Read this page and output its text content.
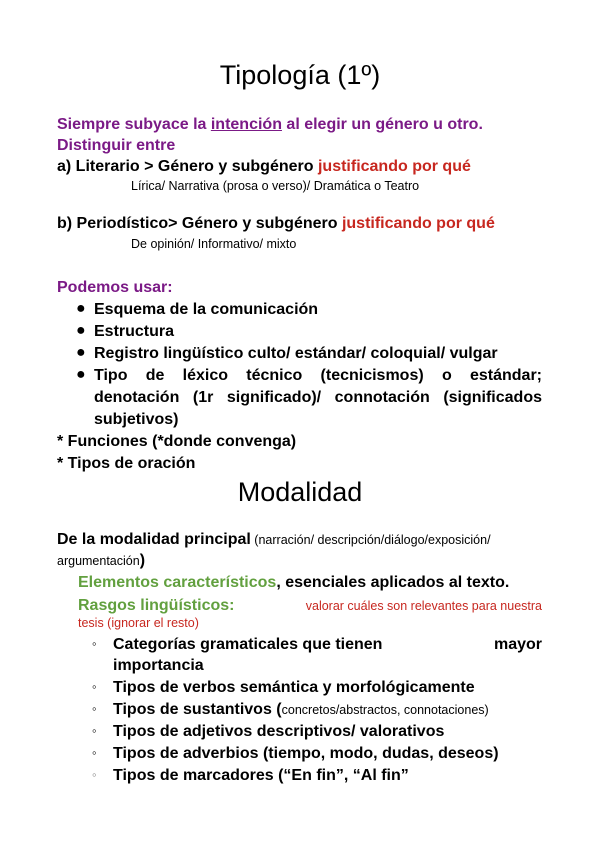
Tipología (1º)
Siempre subyace la intención al elegir un género u otro.
Distinguir entre
a) Literario > Género y subgénero justificando por qué
Lírica/ Narrativa (prosa o verso)/ Dramática o Teatro
b) Periodístico> Género y subgénero justificando por qué
De opinión/ Informativo/ mixto
Podemos usar:
● Esquema de la comunicación
● Estructura
● Registro lingüístico culto/ estándar/ coloquial/ vulgar
● Tipo de léxico técnico (tecnicismos) o estándar;
denotación (1r significado)/ connotación (significados
subjetivos)
* Funciones (*donde convenga)
* Tipos de oración
Modalidad
De la modalidad principal (narración/ descripción/diálogo/exposición/
argumentación)
Elementos característicos, esenciales aplicados al texto.
Rasgos lingüísticos:	valorar cuáles son relevantes para nuestra
tesis (ignorar el resto)
◦ Categorías gramaticales que tienen	mayor
importancia
◦ Tipos de verbos semántica y morfológicamente
◦ Tipos de sustantivos (concretos/abstractos, connotaciones)
◦ Tipos de adjetivos descriptivos/ valorativos
◦ Tipos de adverbios (tiempo, modo, dudas, deseos)
◦ Tipos de marcadores (“En fin”, “Al fin”
